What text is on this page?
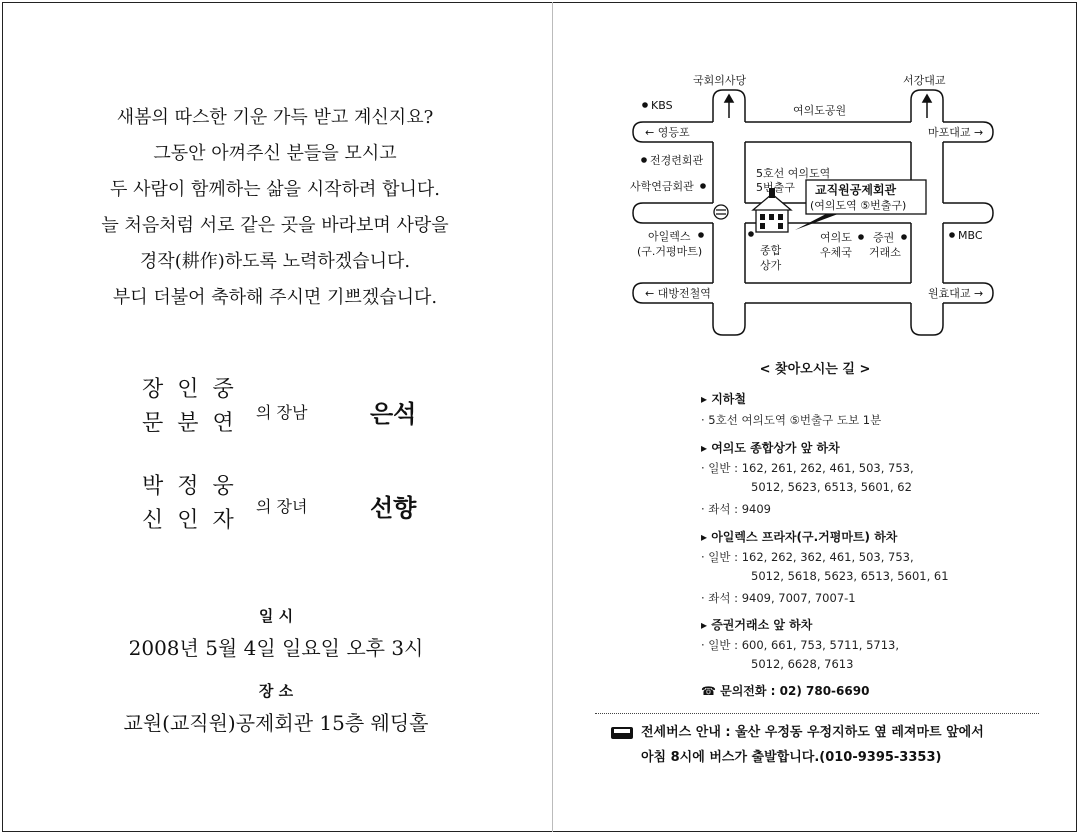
새봄의 따스한 기운 가득 받고 계신지요?
그동안 아껴주신 분들을 모시고
두 사람이 함께하는 삶을 시작하려 합니다.
늘 처음처럼 서로 같은 곳을 바라보며 사랑을
경작(耕作)하도록 노력하겠습니다.
부디 더불어 축하해 주시면 기쁘겠습니다.
장인중
문분연 의 장남	은석
박정웅
신인자
의 장녀	선향
일 시
2008년 5월 4일 일요일 오후 3시
장 소
교원(교직원)공제회관 15층 웨딩홀
국회의사당	서강대교
KBS	여의도공원
← 영등포	마포대교 →
전경련회관
5호선 여의도역
5번출구
사학연금회관	교직원공제회관
(여의도역 ⑤번출구)
아일렉스
(구.거평마트)	종합
상가
여의도
우체국
증권
거래소
MBC
← 대방전철역	원효대교 →
< 찾아오시는 길 >
▸ 지하철
· 5호선 여의도역 ⑤번출구 도보 1분
▸ 여의도 종합상가 앞 하차
· 일반 : 162, 261, 262, 461, 503, 753,
5012, 5623, 6513, 5601, 62
· 좌석 : 9409
▸ 아일렉스 프라자(구.거평마트) 하차
· 일반 : 162, 262, 362, 461, 503, 753,
5012, 5618, 5623, 6513, 5601, 61
· 좌석 : 9409, 7007, 7007-1
▸ 증권거래소 앞 하차
· 일반 : 600, 661, 753, 5711, 5713,
5012, 6628, 7613
☎ 문의전화 : 02) 780-6690
전세버스 안내 : 울산 우정동 우정지하도 옆 레져마트 앞에서
아침 8시에 버스가 출발합니다.(010-9395-3353)
